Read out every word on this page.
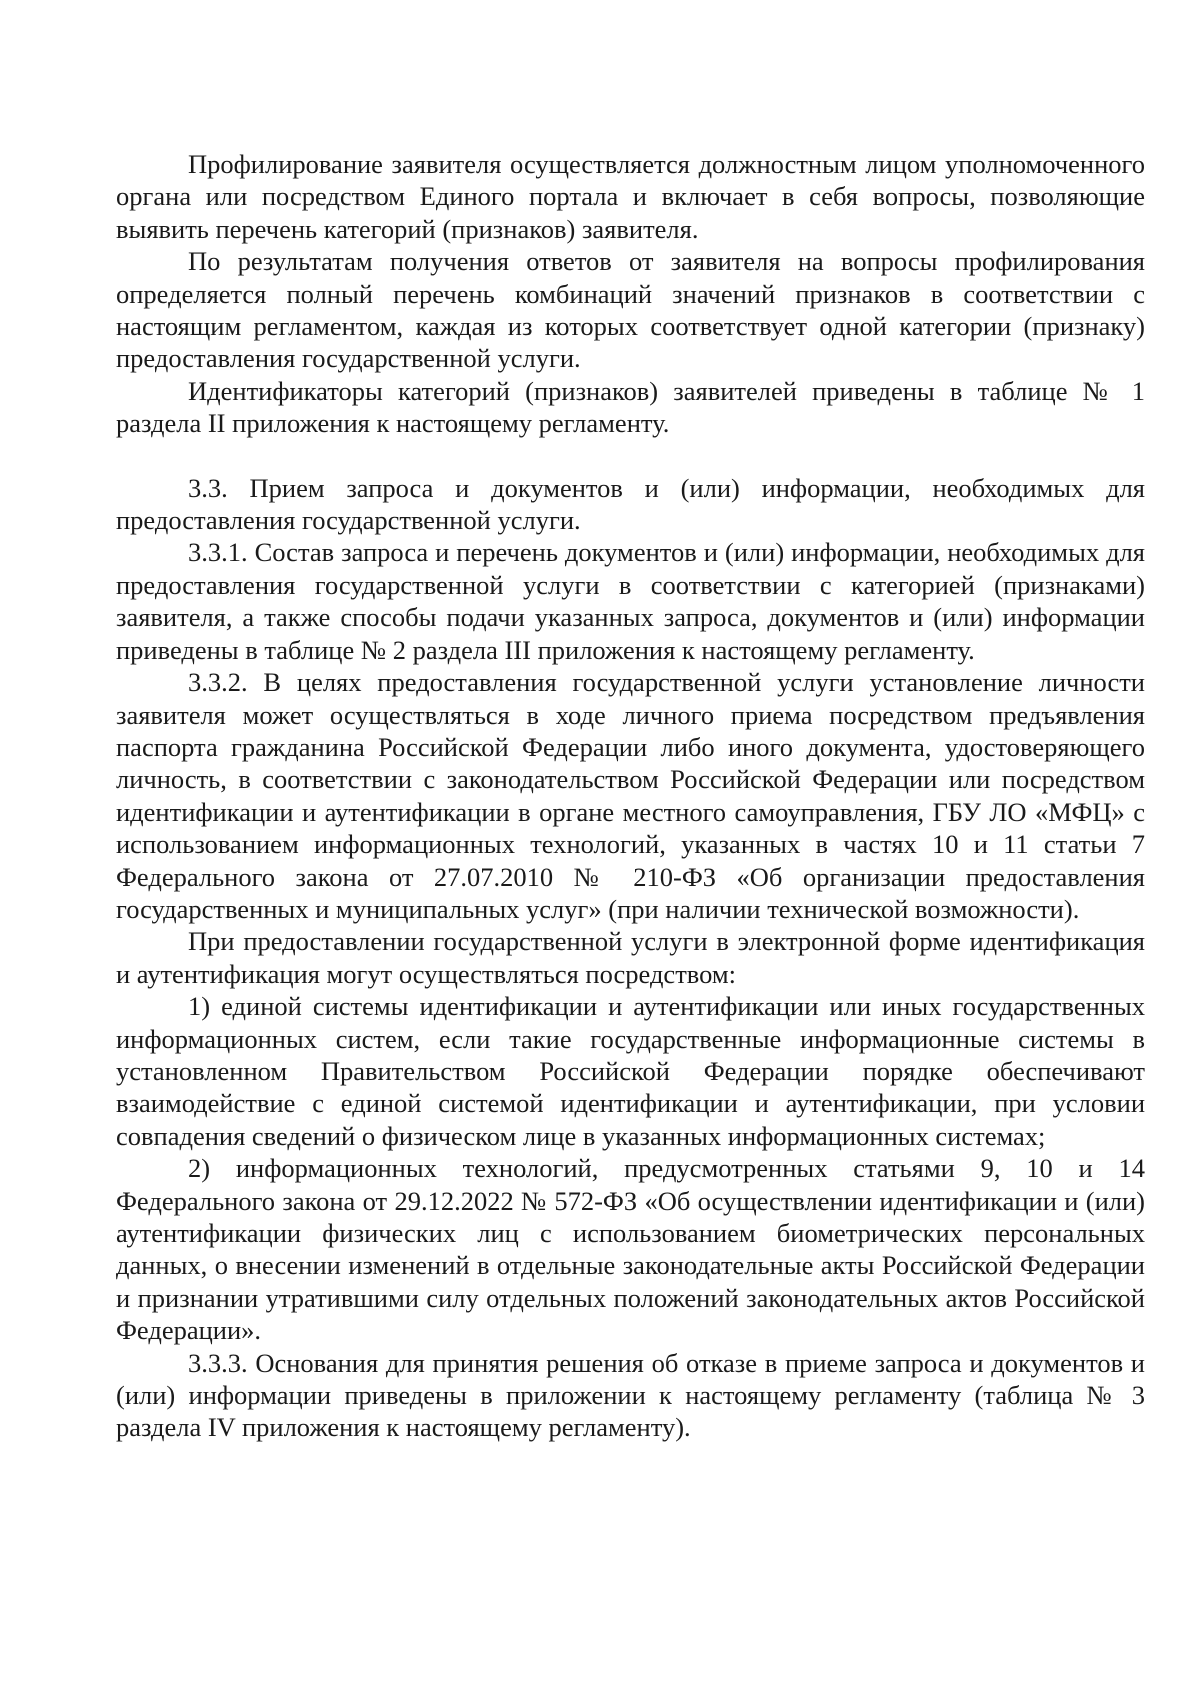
Профилирование заявителя осуществляется должностным лицом уполномоченного органа или посредством Единого портала и включает в себя вопросы, позволяющие выявить перечень категорий (признаков) заявителя.

По результатам получения ответов от заявителя на вопросы профилирования определяется полный перечень комбинаций значений признаков в соответствии с настоящим регламентом, каждая из которых соответствует одной категории (признаку) предоставления государственной услуги.

Идентификаторы категорий (признаков) заявителей приведены в таблице № 1 раздела II приложения к настоящему регламенту.

3.3. Прием запроса и документов и (или) информации, необходимых для предоставления государственной услуги.

3.3.1. Состав запроса и перечень документов и (или) информации, необходимых для предоставления государственной услуги в соответствии с категорией (признаками) заявителя, а также способы подачи указанных запроса, документов и (или) информации приведены в таблице № 2 раздела III приложения к настоящему регламенту.

3.3.2. В целях предоставления государственной услуги установление личности заявителя может осуществляться в ходе личного приема посредством предъявления паспорта гражданина Российской Федерации либо иного документа, удостоверяющего личность, в соответствии с законодательством Российской Федерации или посредством идентификации и аутентификации в органе местного самоуправления, ГБУ ЛО «МФЦ» с использованием информационных технологий, указанных в частях 10 и 11 статьи 7 Федерального закона от 27.07.2010 № 210-ФЗ «Об организации предоставления государственных и муниципальных услуг» (при наличии технической возможности).

При предоставлении государственной услуги в электронной форме идентификация и аутентификация могут осуществляться посредством:

1) единой системы идентификации и аутентификации или иных государственных информационных систем, если такие государственные информационные системы в установленном Правительством Российской Федерации порядке обеспечивают взаимодействие с единой системой идентификации и аутентификации, при условии совпадения сведений о физическом лице в указанных информационных системах;

2) информационных технологий, предусмотренных статьями 9, 10 и 14 Федерального закона от 29.12.2022 № 572-ФЗ «Об осуществлении идентификации и (или) аутентификации физических лиц с использованием биометрических персональных данных, о внесении изменений в отдельные законодательные акты Российской Федерации и признании утратившими силу отдельных положений законодательных актов Российской Федерации».

3.3.3. Основания для принятия решения об отказе в приеме запроса и документов и (или) информации приведены в приложении к настоящему регламенту (таблица № 3 раздела IV приложения к настоящему регламенту).
